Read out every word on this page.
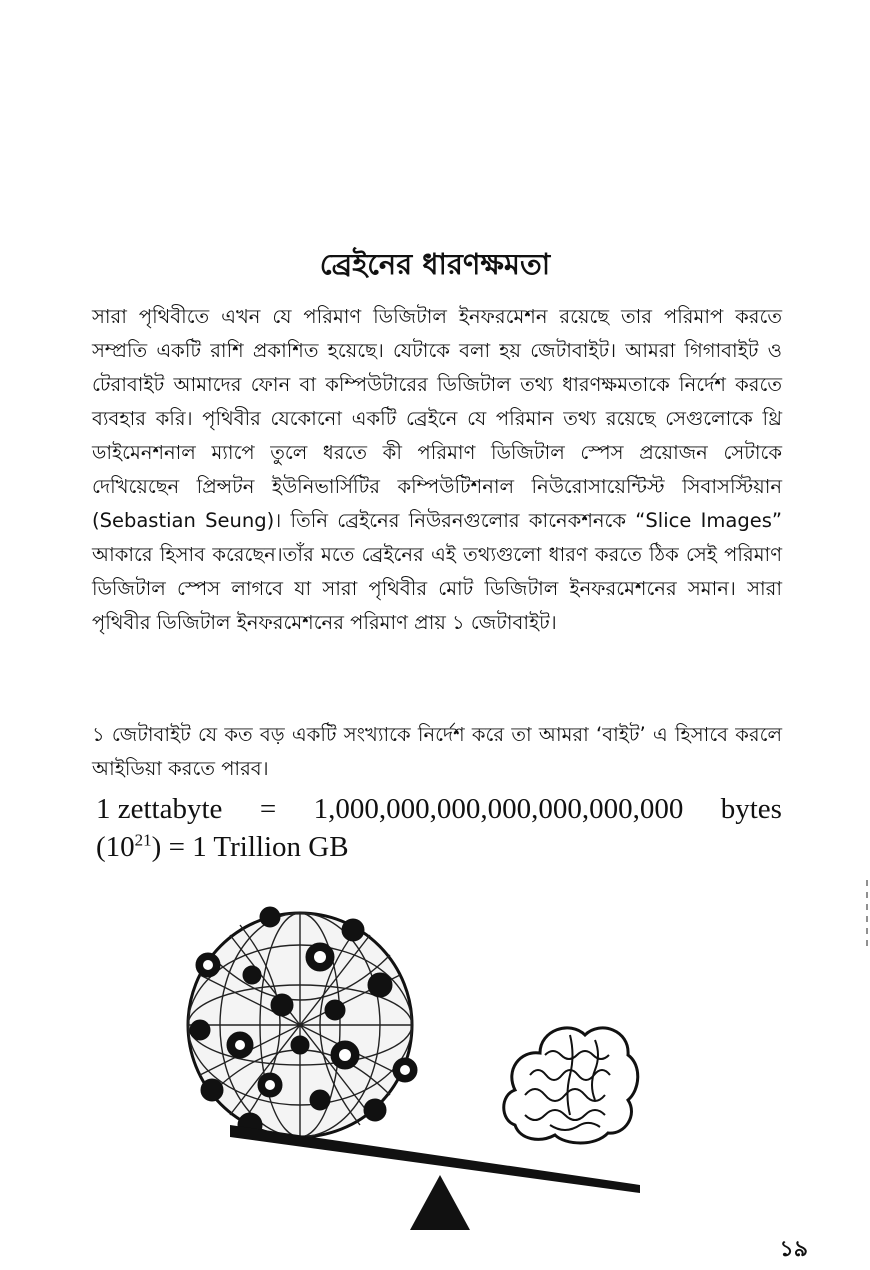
ব্রেইনের ধারণক্ষমতা

সারা পৃথিবীতে এখন যে পরিমাণ ডিজিটাল ইনফরমেশন রয়েছে তার পরিমাপ করতে সম্প্রতি একটি রাশি প্রকাশিত হয়েছে। যেটাকে বলা হয় জেটাবাইট। আমরা গিগাবাইট ও টেরাবাইট আমাদের ফোন বা কম্পিউটারের ডিজিটাল তথ্য ধারণক্ষমতাকে নির্দেশ করতে ব্যবহার করি। পৃথিবীর যেকোনো একটি ব্রেইনে যে পরিমান তথ্য রয়েছে সেগুলোকে থ্রি ডাইমেনশনাল ম্যাপে তুলে ধরতে কী পরিমাণ ডিজিটাল স্পেস প্রয়োজন সেটাকে দেখিয়েছেন প্রিন্সটন ইউনিভার্সিটির কম্পিউটিশনাল নিউরোসায়েন্টিস্ট সিবাসস্টিয়ান (Sebastian Seung)। তিনি ব্রেইনের নিউরনগুলোর কানেকশনকে “Slice Images” আকারে হিসাব করেছেন।তাঁর মতে ব্রেইনের এই তথ্যগুলো ধারণ করতে ঠিক সেই পরিমাণ ডিজিটাল স্পেস লাগবে যা সারা পৃথিবীর মোট ডিজিটাল ইনফরমেশনের সমান। সারা পৃথিবীর ডিজিটাল ইনফরমেশনের পরিমাণ প্রায় ১ জেটাবাইট।

১ জেটাবাইট যে কত বড় একটি সংখ্যাকে নির্দেশ করে তা আমরা ‘বাইট’ এ হিসাবে করলে আইডিয়া করতে পারব।

1 zettabyte = 1,000,000,000,000,000,000,000 bytes
$(10^{21}) = 1$ Trillion GB
১৯
